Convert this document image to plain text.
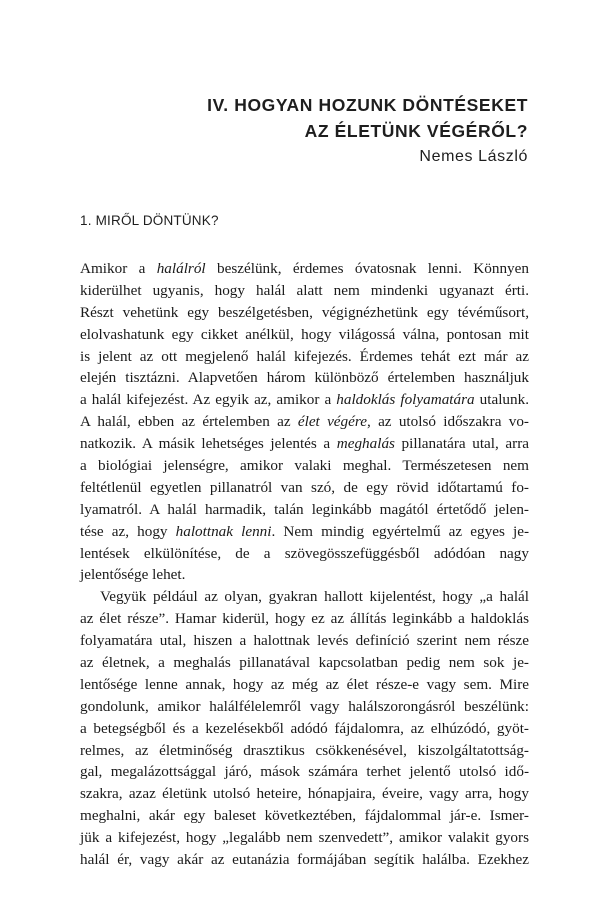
IV. HOGYAN HOZUNK DÖNTÉSEKET
AZ ÉLETÜNK VÉGÉRŐL?
Nemes László
1. MIRŐL DÖNTÜNK?
Amikor a halálról beszélünk, érdemes óvatosnak lenni. Könnyen
kiderülhet ugyanis, hogy halál alatt nem mindenki ugyanazt érti.
Részt vehetünk egy beszélgetésben, végignézhetünk egy tévéműsort,
elolvashatunk egy cikket anélkül, hogy világossá válna, pontosan mit
is jelent az ott megjelenő halál kifejezés. Érdemes tehát ezt már az
elején tisztázni. Alapvetően három különböző értelemben használjuk
a halál kifejezést. Az egyik az, amikor a haldoklás folyamatára utalunk.
A halál, ebben az értelemben az élet végére, az utolsó időszakra vo-
natkozik. A másik lehetséges jelentés a meghalás pillanatára utal, arra
a biológiai jelenségre, amikor valaki meghal. Természetesen nem
feltétlenül egyetlen pillanatról van szó, de egy rövid időtartamú fo-
lyamatról. A halál harmadik, talán leginkább magától értetődő jelen-
tése az, hogy halottnak lenni. Nem mindig egyértelmű az egyes je-
lentések elkülönítése, de a szövegösszefüggésből adódóan nagy
jelentősége lehet.
Vegyük például az olyan, gyakran hallott kijelentést, hogy „a halál
az élet része”. Hamar kiderül, hogy ez az állítás leginkább a haldoklás
folyamatára utal, hiszen a halottnak levés definíció szerint nem része
az életnek, a meghalás pillanatával kapcsolatban pedig nem sok je-
lentősége lenne annak, hogy az még az élet része-e vagy sem. Mire
gondolunk, amikor halálfélelemről vagy halálszorongásról beszélünk:
a betegségből és a kezelésekből adódó fájdalomra, az elhúzódó, gyöt-
relmes, az életminőség drasztikus csökkenésével, kiszolgáltatottság-
gal, megalázottsággal járó, mások számára terhet jelentő utolsó idő-
szakra, azaz életünk utolsó heteire, hónapjaira, éveire, vagy arra, hogy
meghalni, akár egy baleset következtében, fájdalommal jár-e. Ismer-
jük a kifejezést, hogy „legalább nem szenvedett”, amikor valakit gyors
halál ér, vagy akár az eutanázia formájában segítik halálba. Ezekhez
